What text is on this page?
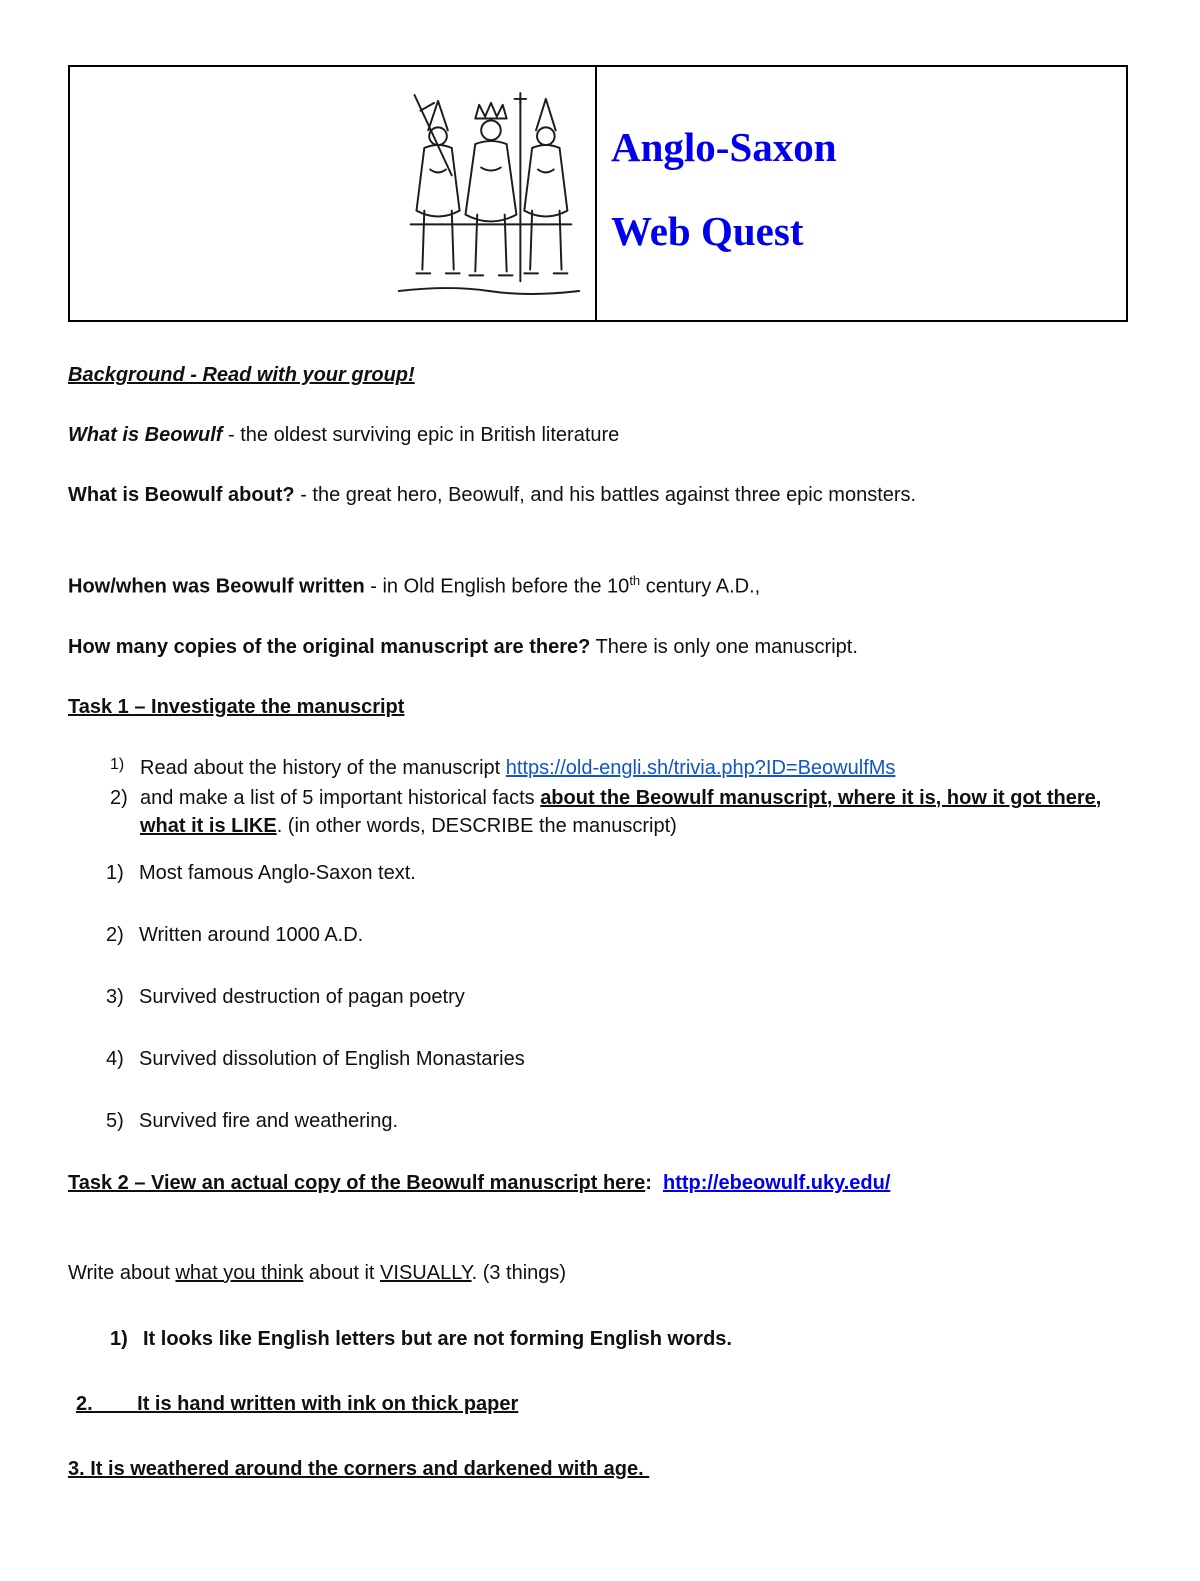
Anglo-Saxon
Web Quest

Background - Read with your group!

What is Beowulf - the oldest surviving epic in British literature

What is Beowulf about? - the great hero, Beowulf, and his battles against three epic monsters.

How/when was Beowulf written - in Old English before the 10th century A.D.,

How many copies of the original manuscript are there? There is only one manuscript.

Task 1 – Investigate the manuscript

1) Read about the history of the manuscript https://old-engli.sh/trivia.php?ID=BeowulfMs
2) and make a list of 5 important historical facts about the Beowulf manuscript, where it is, how it got there, what it is LIKE. (in other words, DESCRIBE the manuscript)
1) Most famous Anglo-Saxon text.
2) Written around 1000 A.D.
3) Survived destruction of pagan poetry
4) Survived dissolution of English Monastaries
5) Survived fire and weathering.

Task 2 – View an actual copy of the Beowulf manuscript here:  http://ebeowulf.uky.edu/

Write about what you think about it VISUALLY. (3 things)

1) It looks like English letters but are not forming English words.
2.        It is hand written with ink on thick paper
3. It is weathered around the corners and darkened with age.
